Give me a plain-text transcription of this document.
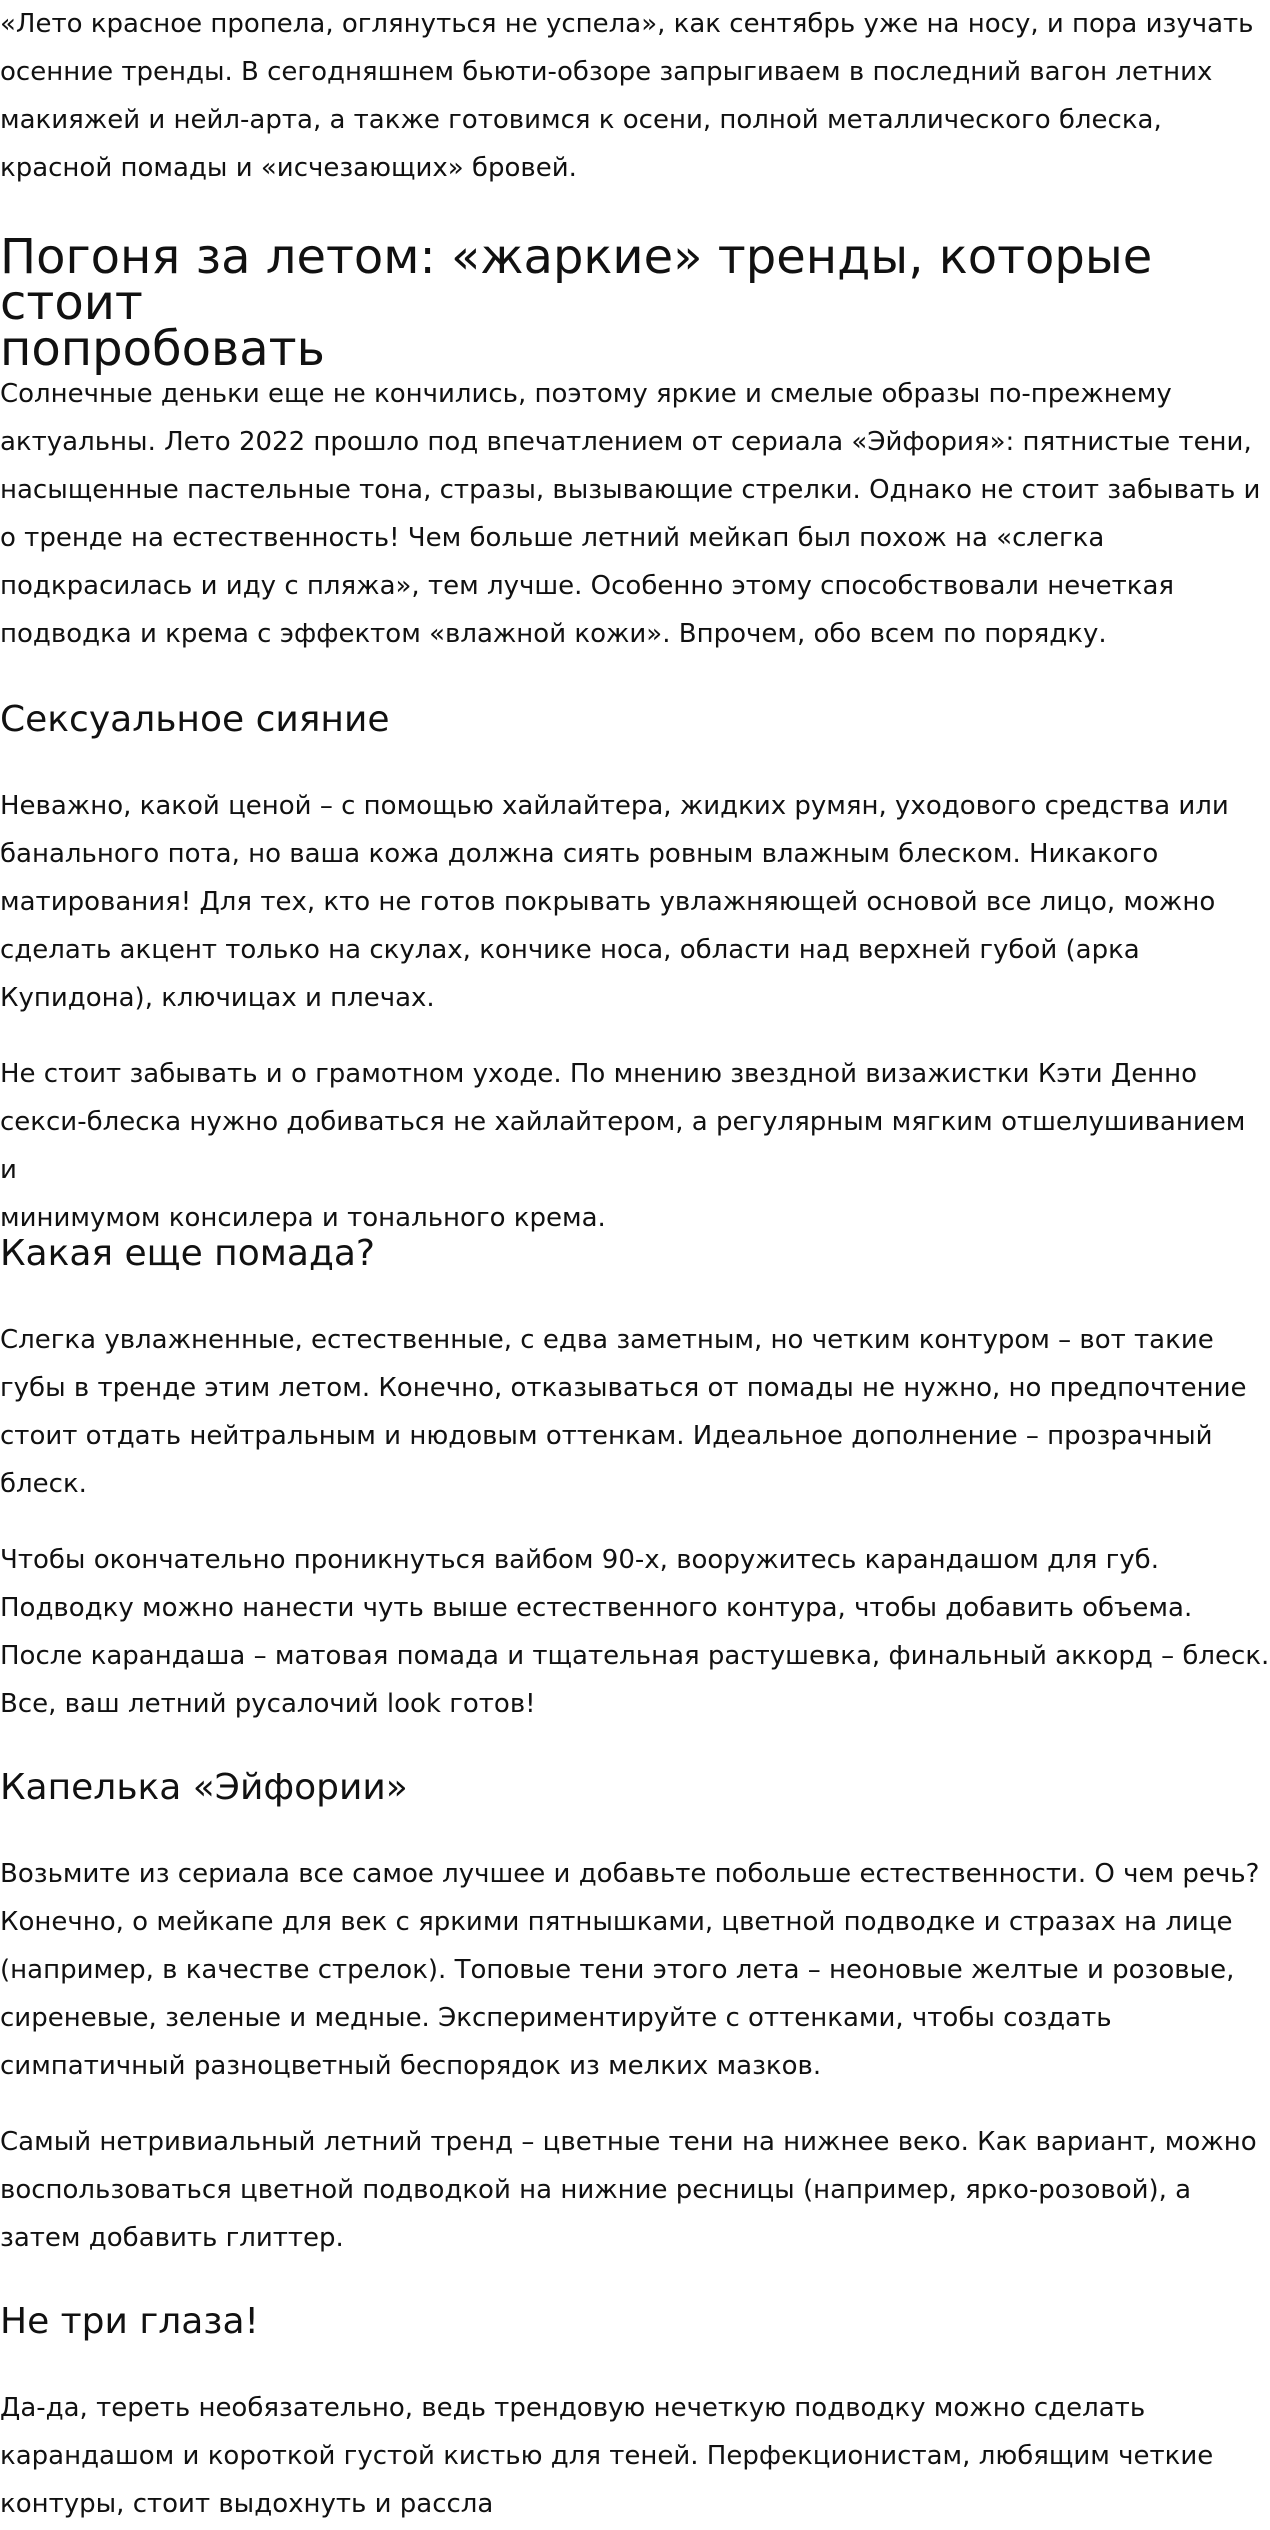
«Лето красное пропела, оглянуться не успела», как сентябрь уже на носу, и пора изучать
осенние тренды. В сегодняшнем бьюти-обзоре запрыгиваем в последний вагон летних
макияжей и нейл-арта, а также готовимся к осени, полной металлического блеска,
красной помады и «исчезающих» бровей.
Погоня за летом: «жаркие» тренды, которые стоит
попробовать
Солнечные деньки еще не кончились, поэтому яркие и смелые образы по-прежнему
актуальны. Лето 2022 прошло под впечатлением от сериала «Эйфория»: пятнистые тени,
насыщенные пастельные тона, стразы, вызывающие стрелки. Однако не стоит забывать и
о тренде на естественность! Чем больше летний мейкап был похож на «слегка
подкрасилась и иду с пляжа», тем лучше. Особенно этому способствовали нечеткая
подводка и крема с эффектом «влажной кожи». Впрочем, обо всем по порядку.
Сексуальное сияние
Неважно, какой ценой – с помощью хайлайтера, жидких румян, уходового средства или
банального пота, но ваша кожа должна сиять ровным влажным блеском. Никакого
матирования! Для тех, кто не готов покрывать увлажняющей основой все лицо, можно
сделать акцент только на скулах, кончике носа, области над верхней губой (арка
Купидона), ключицах и плечах.
Не стоит забывать и о грамотном уходе. По мнению звездной визажистки Кэти Денно
секси-блеска нужно добиваться не хайлайтером, а регулярным мягким отшелушиванием и
минимумом консилера и тонального крема.
Какая еще помада?
Слегка увлажненные, естественные, с едва заметным, но четким контуром – вот такие
губы в тренде этим летом. Конечно, отказываться от помады не нужно, но предпочтение
стоит отдать нейтральным и нюдовым оттенкам. Идеальное дополнение – прозрачный
блеск.
Чтобы окончательно проникнуться вайбом 90-х, вооружитесь карандашом для губ.
Подводку можно нанести чуть выше естественного контура, чтобы добавить объема.
После карандаша – матовая помада и тщательная растушевка, финальный аккорд – блеск.
Все, ваш летний русалочий look готов!
Капелька «Эйфории»
Возьмите из сериала все самое лучшее и добавьте побольше естественности. О чем речь?
Конечно, о мейкапе для век с яркими пятнышками, цветной подводке и стразах на лице
(например, в качестве стрелок). Топовые тени этого лета – неоновые желтые и розовые,
сиреневые, зеленые и медные. Экспериментируйте с оттенками, чтобы создать
симпатичный разноцветный беспорядок из мелких мазков.
Самый нетривиальный летний тренд – цветные тени на нижнее веко. Как вариант, можно
воспользоваться цветной подводкой на нижние ресницы (например, ярко-розовой), а
затем добавить глиттер.
Не три глаза!
Да-да, тереть необязательно, ведь трендовую нечеткую подводку можно сделать
карандашом и короткой густой кистью для теней. Перфекционистам, любящим четкие
контуры, стоит выдохнуть и рассла
